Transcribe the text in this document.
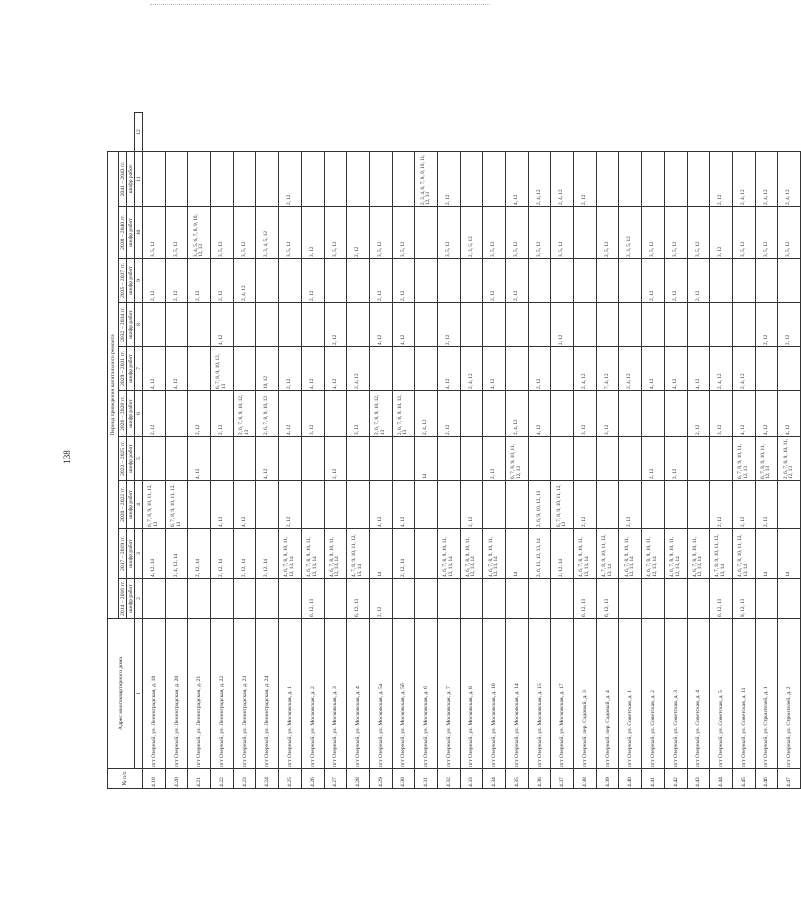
138
№ п/п	Адрес многоквартирного дома	Период проведения капитального ремонта										
		2014 – 2016 гг.	2017 – 2019 гг.	2020 – 2022 гг.	2023 – 2025 гг.	2026 – 2028 гг.	2029 – 2031 гг.	2032 – 2034 гг.	2035 – 2037 гг.	2038 – 2040 гг.	2041 – 2043 гг.	
		шифр работ	шифр работ	шифр работ	шифр работ	шифр работ	шифр работ	шифр работ	шифр работ	шифр работ	шифр работ	
	1	2	3	4	5	6	7	8	9	10	11	12
4.18	пгт Озерный, ул. Ленинградская, д. 18		4, 12, 14	6, 7, 8, 9, 10, 11, 12, 13		2, 12	4, 12		2, 12	3, 5, 12		
4.20	пгт Озерный, ул. Ленинградская, д. 20		2, 4, 12, 14	6, 7, 8, 9, 10, 11, 12, 13			4, 12		2, 12	3, 5, 12		
4.21	пгт Озерный, ул. Ленинградская, д. 21		2, 12, 14		4, 12	2, 12			2, 12	3, 4, 5, 6, 7, 8, 9, 10, 12, 13		
4.22	пгт Озерный, ул. Ленинградская, д. 22		2, 12, 14	4, 12		2, 12	6, 7, 8, 9, 10, 12, 13	4, 12	2, 12	3, 5, 12		
4.23	пгт Озерный, ул. Ленинградская, д. 23		2, 12, 14	4, 12		2, 6, 7, 8, 9, 10, 12, 13			2, 4, 12	3, 5, 12		
4.24	пгт Озерный, ул. Ленинградская, д. 24		2, 12, 14		4, 12	2, 6, 7, 8, 9, 10, 13	10, 12			2, 3, 4, 5, 12		
4.25	пгт Озерный, ул. Московская, д. 1		4, 6, 7, 8, 9, 10, 11, 12, 13, 14	2, 12		4, 12	2, 12			3, 5, 12	2, 12	
4.26	пгт Озерный, ул. Московская, д. 2	6, 12, 13	4, 6, 7, 8, 9, 10, 11, 12, 13, 14			3, 12	4, 12		2, 12	3, 12		
4.27	пгт Озерный, ул. Московская, д. 3		4, 6, 7, 8, 9, 10, 11, 12, 13, 14		2, 12		4, 12	2, 12		3, 5, 12		
4.28	пгт Озерный, ул. Московская, д. 4	6, 12, 13	4, 7, 8, 9, 10, 11, 12, 13, 14			3, 12	2, 4, 12			2, 12		
4.29	пгт Озерный, ул. Московская, д. 5а	2, 12	14	4, 12		2, 6, 7, 8, 9, 10, 12, 13		4, 12	2, 12	3, 5, 12		
4.30	пгт Озерный, ул. Московская, д. 5б		2, 12, 14	4, 12		2, 6, 7, 8, 9, 10, 12, 13		4, 12	2, 12	3, 5, 12		
4.31	пгт Озерный, ул. Московская, д. 6				14	2, 4, 12					2, 3, 4, 6, 7, 8, 9, 10, 11, 12, 13	
4.32	пгт Озерный, ул. Московская, д. 7		4, 6, 7, 8, 9, 10, 11, 12, 13, 14			2, 12	4, 12	2, 12		3, 5, 12	2, 12	
4.33	пгт Озерный, ул. Московская, д. 8		4, 6, 7, 8, 9, 10, 11, 12, 13, 14	2, 12			2, 4, 12			2, 3, 5, 12		
4.34	пгт Озерный, ул. Московская, д. 10		4, 6, 7, 8, 9, 10, 11, 12, 13, 14		2, 12		4, 12		2, 12	3, 5, 12		
4.35	пгт Озерный, ул. Московская, д. 14		14		6, 7, 8, 9, 10, 11, 12, 13	2, 4, 12			2, 12	3, 5, 12	4, 12	
4.36	пгт Озерный, ул. Московская, д. 15		2, 6, 11, 12, 13, 14	2, 6, 9, 10, 12, 13		4, 12	2, 12			3, 5, 12	2, 4, 12	
4.37	пгт Озерный, ул. Московская, д. 17		2, 12, 14	6, 7, 8, 9, 10, 11, 12, 13				2, 12		3, 5, 12	2, 4, 12	
4.38	пгт Озерный, пер. Садовый, д. 3	6, 12, 13	4, 6, 7, 8, 9, 10, 11, 12, 13, 14	2, 12		3, 12	2, 4, 12				2, 12	
4.39	пгт Озерный, пер. Садовый, д. 4	6, 12, 13	4, 7, 8, 9, 10, 11, 12, 13, 14			3, 12	7, 4, 12			2, 5, 12		
4.40	пгт Озерный, ул. Советская, д. 1		4, 6, 7, 8, 9, 10, 11, 12, 13, 14	2, 12			2, 4, 12			2, 3, 5, 12		
4.41	пгт Озерный, ул. Советская, д. 2		4, 6, 7, 8, 9, 10, 11, 12, 13, 14		2, 12		4, 12		2, 12	3, 5, 12		
4.42	пгт Озерный, ул. Советская, д. 3		4, 6, 7, 8, 9, 10, 11, 12, 13, 14		2, 12		4, 12		2, 12	3, 5, 12		
4.43	пгт Озерный, ул. Советская, д. 4		4, 6, 7, 8, 9, 10, 11, 12, 13, 14			2, 12	4, 12		2, 12	3, 5, 12		
4.44	пгт Озерный, ул. Советская, д. 5	6, 12, 13	4, 7, 8, 9, 10, 11, 12, 13, 14	2, 12		3, 12	2, 4, 12			3, 12	2, 12	
4.45	пгт Озерный, ул. Советская, д. 11	9, 12, 13	4, 6, 7, 8, 10, 11, 12, 13, 14	2, 12	6, 7, 8, 9, 10, 11, 12, 13	4, 12	2, 4, 12			3, 5, 12	2, 4, 12	
4.46	пгт Озерный, ул. Строителей, д. 1		14	2, 12	6, 7, 8, 9, 10, 11, 12, 13	4, 12		2, 12		3, 5, 12	2, 4, 12	
4.47	пгт Озерный, ул. Строителей, д. 2		14		2, 6, 7, 8, 9, 10, 11, 12, 13	4, 12		2, 12		3, 5, 12	2, 4, 12	
